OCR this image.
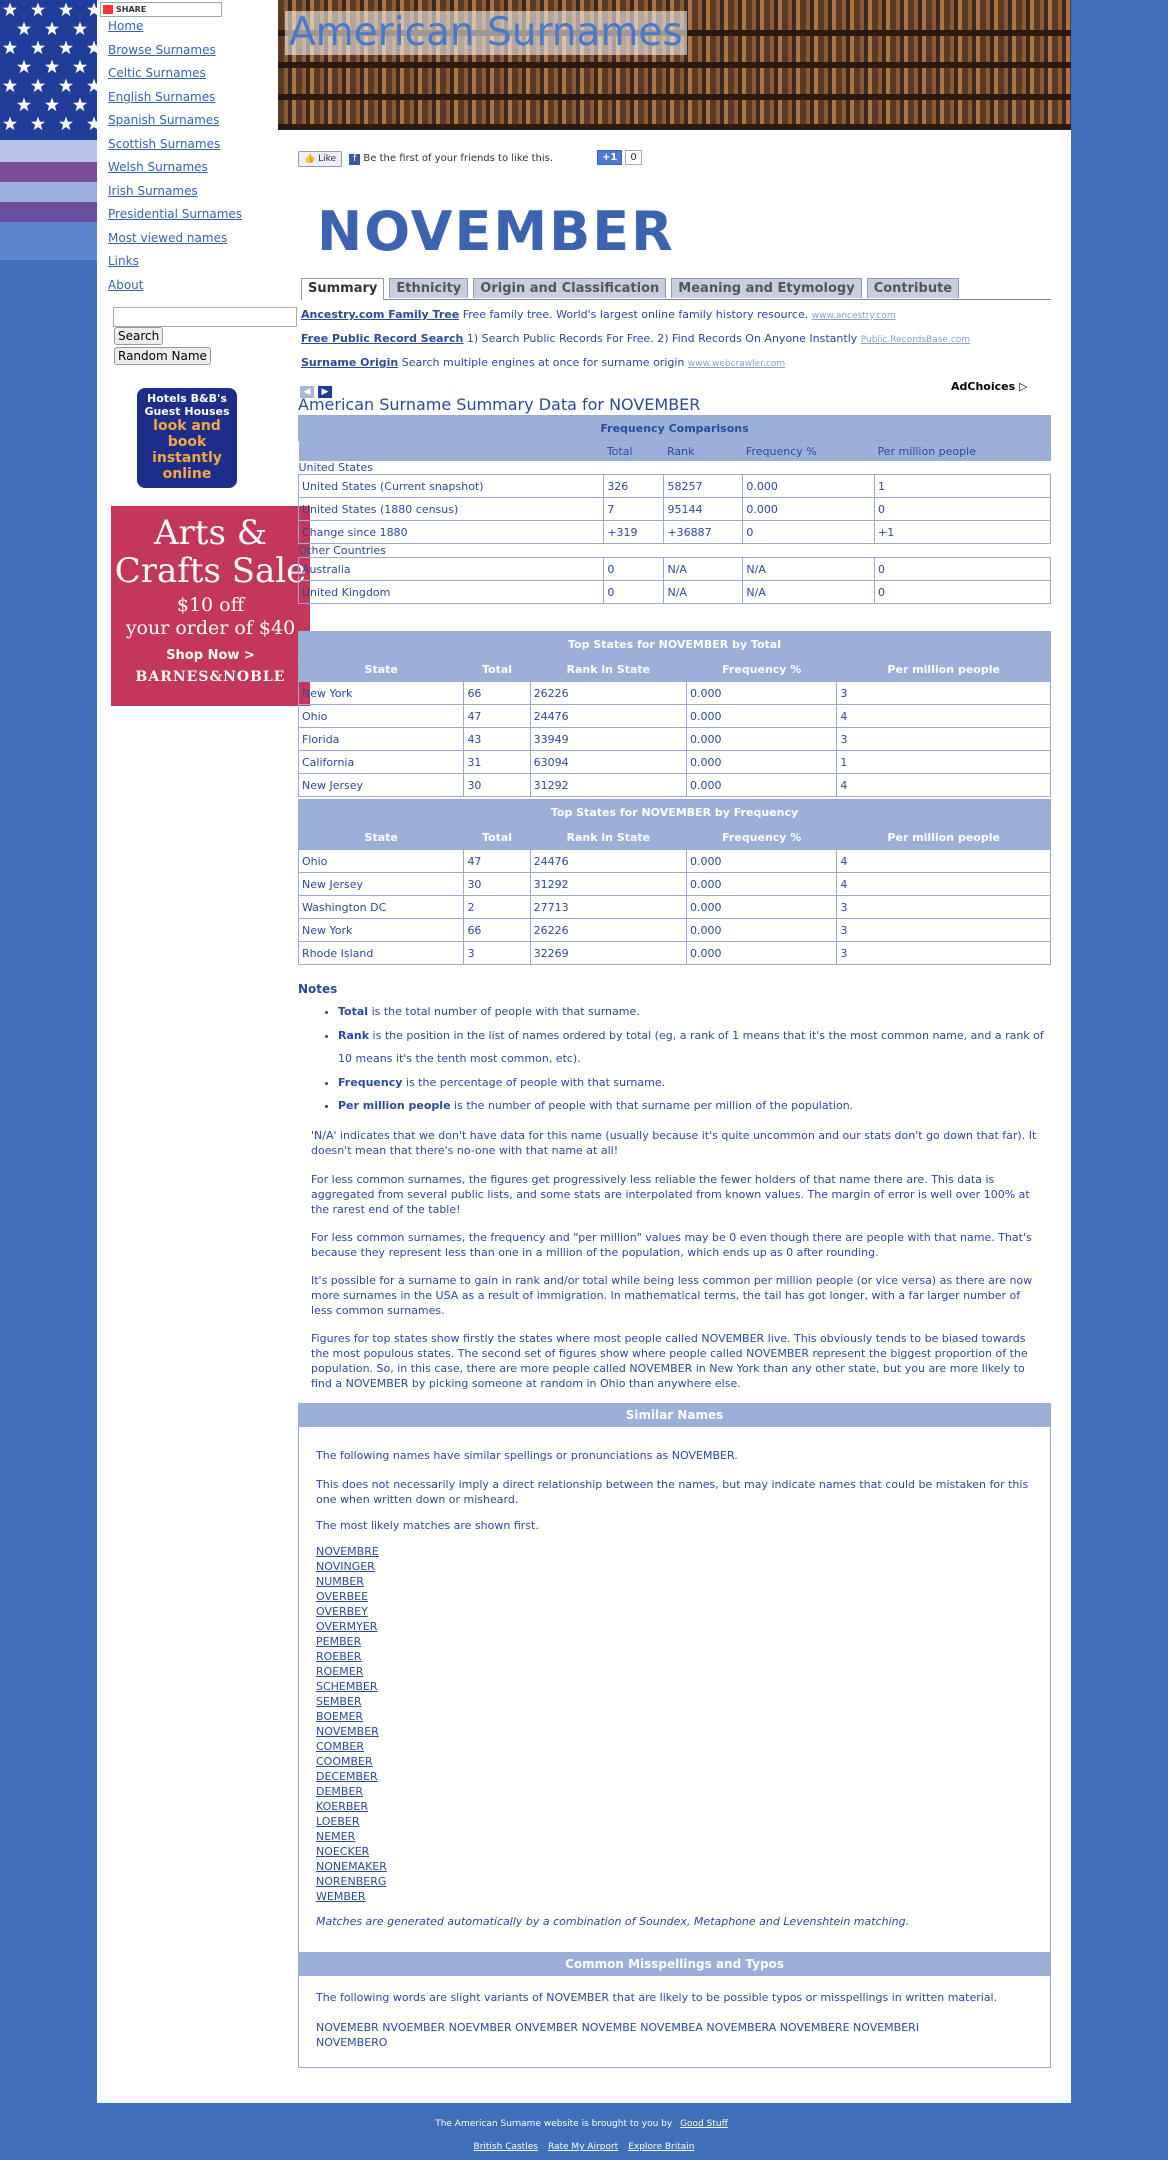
SHARE
Home
Browse Surnames
Celtic Surnames
English Surnames
Spanish Surnames
Scottish Surnames
Welsh Surnames
Irish Surnames
Presidential Surnames
Most viewed names
Links
About
Search
Random Name
Hotels B&B's
Guest Houses
look and book instantly online
Arts &
Crafts Sale
$10 off
your order of $40
Shop Now >
BARNES&NOBLE
American Surnames
👍 Like f Be the first of your friends to like this.	+1 0
NOVEMBER
Summary Ethnicity Origin and Classification Meaning and Etymology Contribute
Ancestry.com Family Tree Free family tree. World's largest online family history resource. www.ancestry.com
Free Public Record Search 1) Search Public Records For Free. 2) Find Records On Anyone Instantly Public.RecordsBase.com
Surname Origin Search multiple engines at once for surname origin www.webcrawler.com
◀ ▶	AdChoices ▷
American Surname Summary Data for NOVEMBER
Frequency Comparisons				
	Total	Rank	Frequency %	Per million people
United States				
United States (Current snapshot)	326	58257	0.000	1
United States (1880 census)	7	95144	0.000	0
Change since 1880	+319	+36887	0	+1
Other Countries				
Australia	0	N/A	N/A	0
United Kingdom	0	N/A	N/A	0
Top States for NOVEMBER by Total				
State	Total	Rank in State	Frequency %	Per million people
New York	66	26226	0.000	3
Ohio	47	24476	0.000	4
Florida	43	33949	0.000	3
California	31	63094	0.000	1
New Jersey	30	31292	0.000	4
Top States for NOVEMBER by Frequency				
State	Total	Rank in State	Frequency %	Per million people
Ohio	47	24476	0.000	4
New Jersey	30	31292	0.000	4
Washington DC	2	27713	0.000	3
New York	66	26226	0.000	3
Rhode Island	3	32269	0.000	3
Notes
• Total is the total number of people with that surname.
• Rank is the position in the list of names ordered by total (eg, a rank of 1 means that it's the most common name, and a rank of 10 means it's the tenth most common, etc).
• Frequency is the percentage of people with that surname.
• Per million people is the number of people with that surname per million of the population.
'N/A' indicates that we don't have data for this name (usually because it's quite uncommon and our stats don't go down that far). It doesn't mean that there's no-one with that name at all!
For less common surnames, the figures get progressively less reliable the fewer holders of that name there are. This data is aggregated from several public lists, and some stats are interpolated from known values. The margin of error is well over 100% at the rarest end of the table!
For less common surnames, the frequency and "per million" values may be 0 even though there are people with that name. That's because they represent less than one in a million of the population, which ends up as 0 after rounding.
It's possible for a surname to gain in rank and/or total while being less common per million people (or vice versa) as there are now more surnames in the USA as a result of immigration. In mathematical terms, the tail has got longer, with a far larger number of less common surnames.
Figures for top states show firstly the states where most people called NOVEMBER live. This obviously tends to be biased towards the most populous states. The second set of figures show where people called NOVEMBER represent the biggest proportion of the population. So, in this case, there are more people called NOVEMBER in New York than any other state, but you are more likely to find a NOVEMBER by picking someone at random in Ohio than anywhere else.
Similar Names

The following names have similar spellings or pronunciations as NOVEMBER.

This does not necessarily imply a direct relationship between the names, but may indicate names that could be mistaken for this one when written down or misheard.

The most likely matches are shown first.

NOVEMBRE
NOVINGER
NUMBER
OVERBEE
OVERBEY
OVERMYER
PEMBER
ROEBER
ROEMER
SCHEMBER
SEMBER
BOEMER
NOVEMBER
COMBER
COOMBER
DECEMBER
DEMBER
KOERBER
LOEBER
NEMER
NOECKER
NONEMAKER
NORENBERG
WEMBER

Matches are generated automatically by a combination of Soundex, Metaphone and Levenshtein matching.

Common Misspellings and Typos

The following words are slight variants of NOVEMBER that are likely to be possible typos or misspellings in written material.

NOVEMEBR NVOEMBER NOEVMBER ONVEMBER NOVEMBE NOVEMBEA NOVEMBERA NOVEMBERE NOVEMBERI
NOVEMBERO

The American Surname website is brought to you by Good Stuff
British Castles Rate My Airport Explore Britain
